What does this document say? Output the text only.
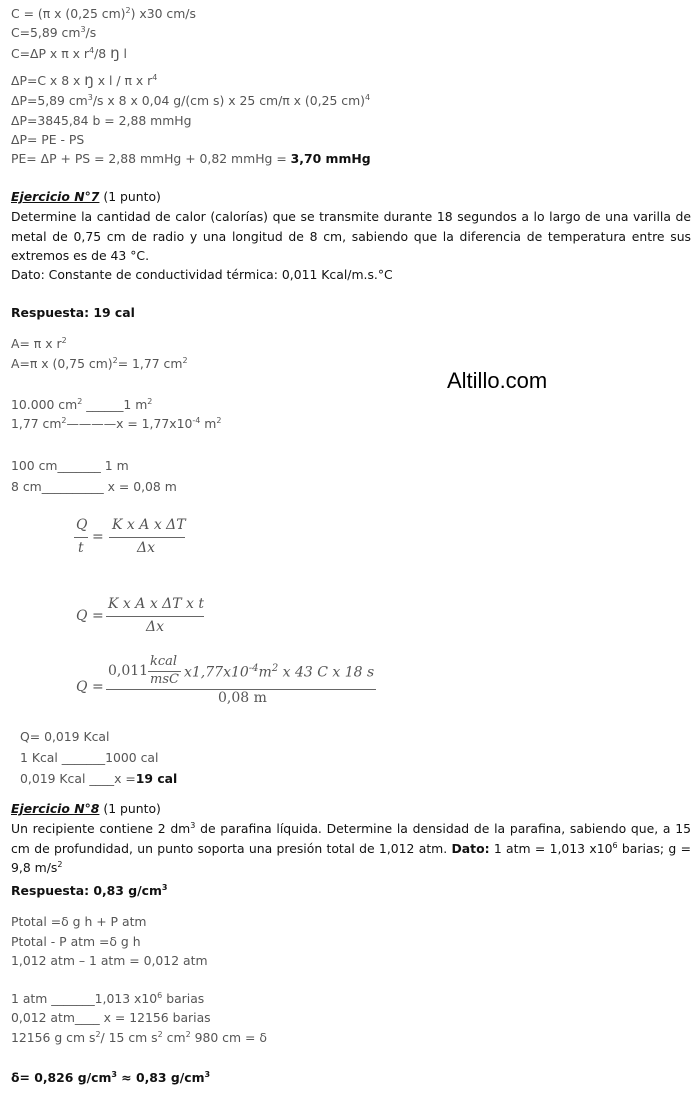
C = (π x (0,25 cm)$^2$) x30 cm/s
C=5,89 $cm^3/s$
C=ΔP x π x $r^4/8$ ŋ l
ΔP=C x 8 x ŋ x l / π x $r^4$
ΔP=5,89 $cm^3/s$ x 8 x 0,04 g/(cm s) x 25 cm/π x (0,25 cm)$^4$
ΔP=3845,84 b = 2,88 mmHg
ΔP= PE - PS
PE= ΔP + PS = 2,88 mmHg + 0,82 mmHg = 3,70 mmHg
Ejercicio N°7 (1 punto)
Determine la cantidad de calor (calorías) que se transmite durante 18 segundos a lo largo de una varilla de metal de 0,75 cm de radio y una longitud de 8 cm, sabiendo que la diferencia de temperatura entre sus extremos es de 43 °C.
Dato: Constante de conductividad térmica: 0,011 Kcal/m.s.°C
Respuesta: 19 cal
A= π x $r^2$
A=π x (0,75 cm)$^2$= 1,77 $cm^2$
Altillo.com
10.000 $cm^2$ ______1 $m^2$
1,77 $cm^2————x = 1,77x10^{-4}$ $m^2$
100 cm_______ 1 m
8 cm__________ x = 0,08 m
Q
t
=
K x A x ΔT
Δx
Q =
K x A x ΔT x t
Δx
Q =
0,011
kcal
msC $x1,77x10^{-4}m^2$ x 43 C x 18 s
0,08 m
Q= 0,019 Kcal
1 Kcal _______1000 cal
0,019 Kcal ____x =19 cal
Ejercicio N°8 (1 punto)
Un recipiente contiene 2 $dm^3$ de parafina líquida. Determine la densidad de la parafina, sabiendo que, a 15 cm de profundidad, un punto soporta una presión total de 1,012 atm. Dato: 1 atm = 1,013 $x10^6$ barias; g = 9,8 $m/s^2$
Respuesta: 0,83 $g/cm^3$
Ptotal =δ g h + P atm
Ptotal - P atm =δ g h
1,012 atm – 1 atm = 0,012 atm
1 atm _______1,013 $x10^6$ barias
0,012 atm____ x = 12156 barias
12156 g cm $s^2/$ 15 cm $s^2$ $cm^2$ 980 cm = δ
δ= 0,826 $g/cm^3 \approx 0,83$ $g/cm^3$
